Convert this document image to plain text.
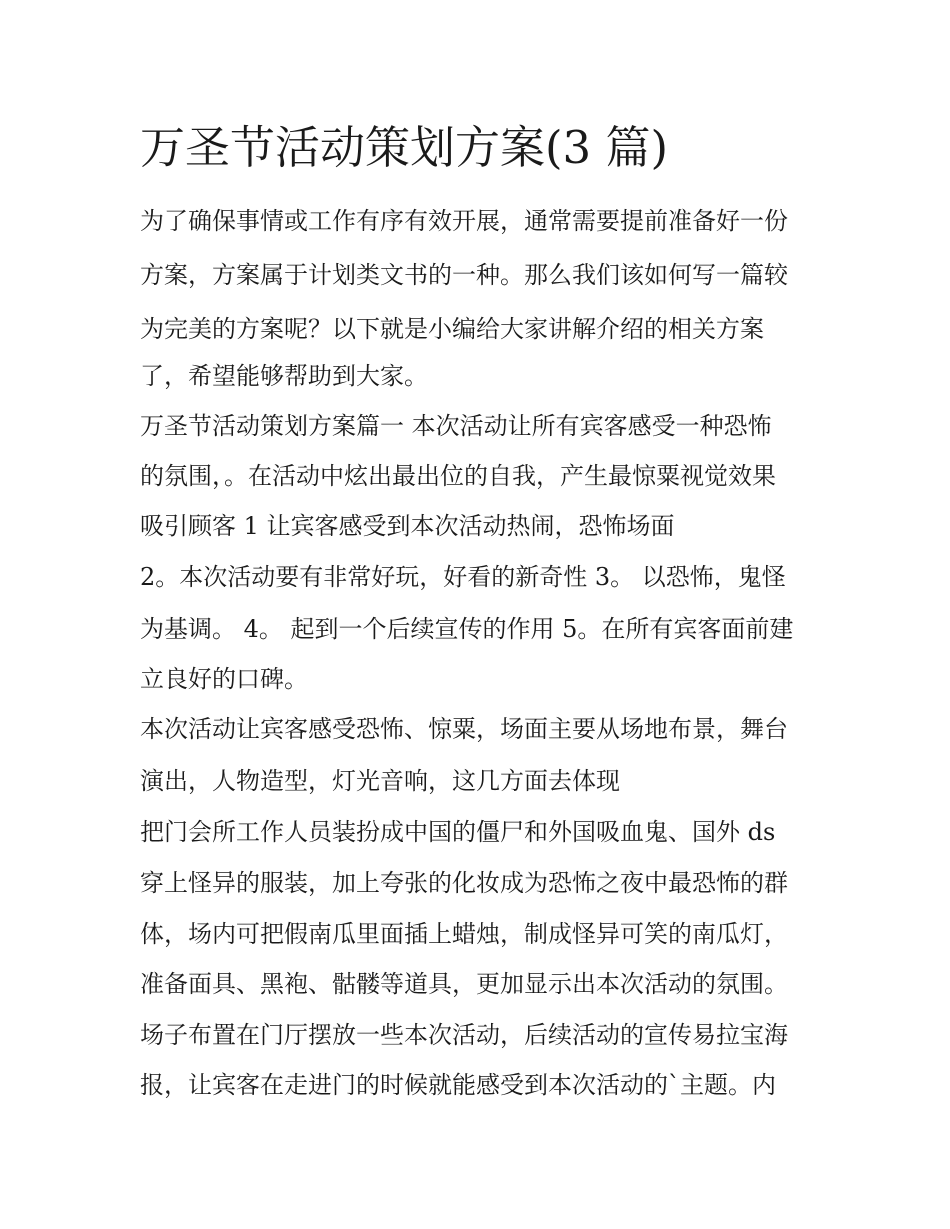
万圣节活动策划方案(3 篇)

为了确保事情或工作有序有效开展，通常需要提前准备好一份

方案，方案属于计划类文书的一种。那么我们该如何写一篇较

为完美的方案呢？以下就是小编给大家讲解介绍的相关方案

了，希望能够帮助到大家。

万圣节活动策划方案篇一 本次活动让所有宾客感受一种恐怖

的氛围，。在活动中炫出最出位的自我，产生最惊粟视觉效果

吸引顾客 1 让宾客感受到本次活动热闹，恐怖场面

2。本次活动要有非常好玩，好看的新奇性 3。 以恐怖，鬼怪

为基调。 4。 起到一个后续宣传的作用 5。在所有宾客面前建

立良好的口碑。

本次活动让宾客感受恐怖、惊粟，场面主要从场地布景，舞台

演出，人物造型，灯光音响，这几方面去体现

把门会所工作人员装扮成中国的僵尸和外国吸血鬼、国外 ds

穿上怪异的服装，加上夸张的化妆成为恐怖之夜中最恐怖的群

体，场内可把假南瓜里面插上蜡烛，制成怪异可笑的南瓜灯，

准备面具、黑袍、骷髅等道具，更加显示出本次活动的氛围。

场子布置在门厅摆放一些本次活动，后续活动的宣传易拉宝海

报，让宾客在走进门的时候就能感受到本次活动的`主题。内
